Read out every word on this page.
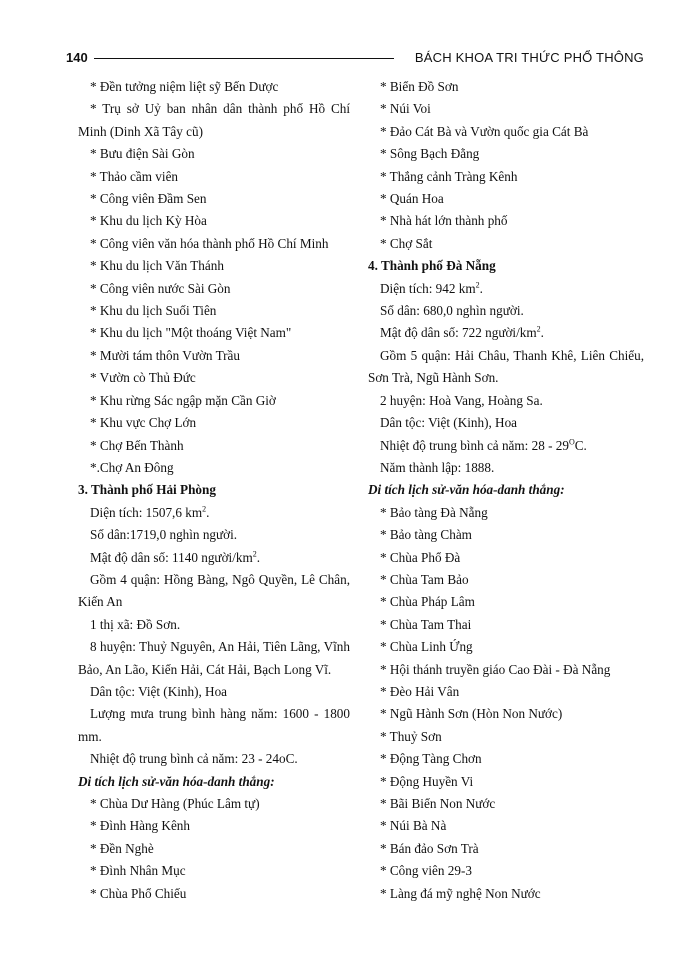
140	BÁCH KHOA TRI THỨC PHỔ THÔNG

* Đền tưởng niệm liệt sỹ Bến Dược

* Trụ sở Uỷ ban nhân dân thành phố Hồ Chí Minh (Dinh Xã Tây cũ)

* Bưu điện Sài Gòn

* Thảo cầm viên

* Công viên Đầm Sen

* Khu du lịch Kỳ Hòa

* Công viên văn hóa thành phố Hồ Chí Minh

* Khu du lịch Văn Thánh

* Công viên nước Sài Gòn

* Khu du lịch Suối Tiên

* Khu du lịch "Một thoáng Việt Nam"

* Mười tám thôn Vườn Trầu

* Vườn cò Thủ Đức

* Khu rừng Sác ngập mặn Cần Giờ

* Khu vực Chợ Lớn

* Chợ Bến Thành

*.Chợ An Đông

3. Thành phố Hải Phòng

Diện tích: 1507,6 $km^2$.

Số dân:1719,0 nghìn người.

Mật độ dân số: 1140 người/$km^2$.

Gồm 4 quận: Hồng Bàng, Ngô Quyền, Lê Chân, Kiến An

1 thị xã: Đồ Sơn.

8 huyện: Thuỷ Nguyên, An Hải, Tiên Lãng, Vĩnh Bảo, An Lão, Kiến Hải, Cát Hải, Bạch Long Vĩ.

Dân tộc: Việt (Kinh), Hoa

Lượng mưa trung bình hàng năm: 1600 - 1800 mm.

Nhiệt độ trung bình cả năm: 23 - 24oC.

Di tích lịch sử-văn hóa-danh thắng:

* Chùa Dư Hàng (Phúc Lâm tự)

* Đình Hàng Kênh

* Đền Nghè

* Đình Nhân Mục

* Chùa Phổ Chiếu

* Biển Đồ Sơn

* Núi Voi

* Đảo Cát Bà và Vườn quốc gia Cát Bà

* Sông Bạch Đằng

* Thắng cảnh Tràng Kênh

* Quán Hoa

* Nhà hát lớn thành phố

* Chợ Sắt

4. Thành phố Đà Nẵng

Diện tích: 942 $km^2$.

Số dân: 680,0 nghìn người.

Mật độ dân số: 722 người/$km^2$.

Gồm 5 quận: Hải Châu, Thanh Khê, Liên Chiểu, Sơn Trà, Ngũ Hành Sơn.

2 huyện: Hoà Vang, Hoàng Sa.

Dân tộc: Việt (Kinh), Hoa

Nhiệt độ trung bình cả năm: $28 - 29^OC$.

Năm thành lập: 1888.

Di tích lịch sử-văn hóa-danh thắng:

* Bảo tàng Đà Nẵng

* Bảo tàng Chàm

* Chùa Phổ Đà

* Chùa Tam Bảo

* Chùa Pháp Lâm

* Chùa Tam Thai

* Chùa Linh Ứng

* Hội thánh truyền giáo Cao Đài - Đà Nẵng

* Đèo Hải Vân

* Ngũ Hành Sơn (Hòn Non Nước)

* Thuỷ Sơn

* Động Tàng Chơn

* Động Huyền Vi

* Bãi Biển Non Nước

* Núi Bà Nà

* Bán đảo Sơn Trà

* Công viên 29-3

* Làng đá mỹ nghệ Non Nước
